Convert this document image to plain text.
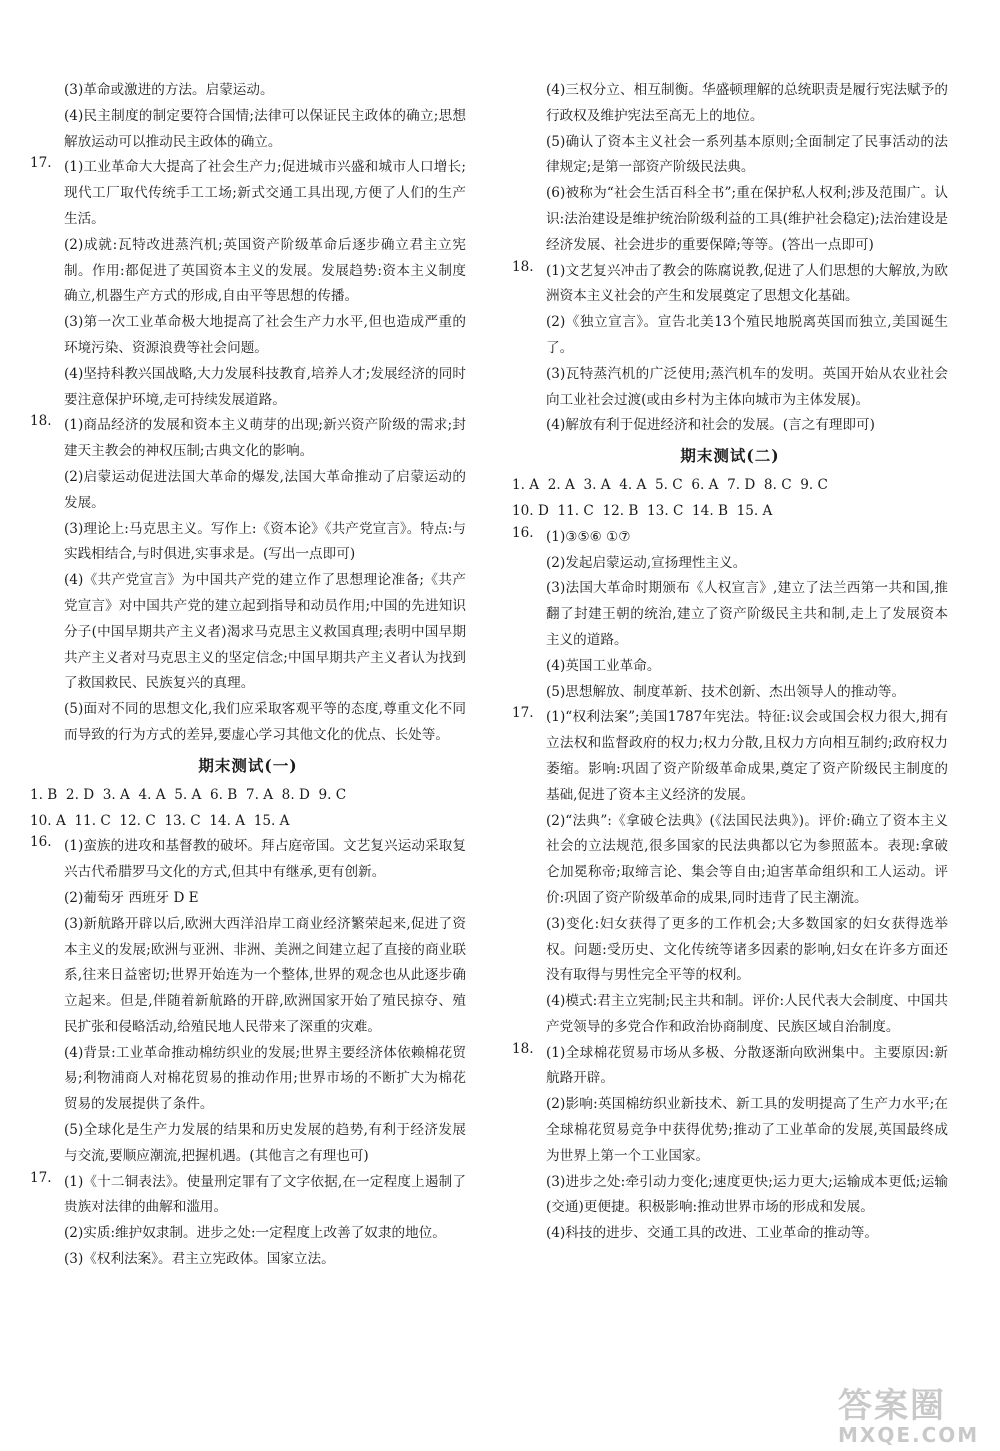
(3)革命或激进的方法。启蒙运动。

(4)民主制度的制定要符合国情;法律可以保证民主政体的确立;思想解放运动可以推动民主政体的确立。

17. (1)工业革命大大提高了社会生产力;促进城市兴盛和城市人口增长;现代工厂取代传统手工工场;新式交通工具出现,方便了人们的生产生活。

(2)成就:瓦特改进蒸汽机;英国资产阶级革命后逐步确立君主立宪制。作用:都促进了英国资本主义的发展。发展趋势:资本主义制度确立,机器生产方式的形成,自由平等思想的传播。

(3)第一次工业革命极大地提高了社会生产力水平,但也造成严重的环境污染、资源浪费等社会问题。

(4)坚持科教兴国战略,大力发展科技教育,培养人才;发展经济的同时要注意保护环境,走可持续发展道路。

18. (1)商品经济的发展和资本主义萌芽的出现;新兴资产阶级的需求;封建天主教会的神权压制;古典文化的影响。

(2)启蒙运动促进法国大革命的爆发,法国大革命推动了启蒙运动的发展。

(3)理论上:马克思主义。写作上:《资本论》《共产党宣言》。特点:与实践相结合,与时俱进,实事求是。(写出一点即可)

(4)《共产党宣言》为中国共产党的建立作了思想理论准备;《共产党宣言》对中国共产党的建立起到指导和动员作用;中国的先进知识分子(中国早期共产主义者)渴求马克思主义救国真理;表明中国早期共产主义者对马克思主义的坚定信念;中国早期共产主义者认为找到了救国救民、民族复兴的真理。

(5)面对不同的思想文化,我们应采取客观平等的态度,尊重文化不同而导致的行为方式的差异,要虚心学习其他文化的优点、长处等。

期末测试(一)

1. B  2. D  3. A  4. A  5. A  6. B  7. A  8. D  9. C

10. A  11. C  12. C  13. C  14. A  15. A

16. (1)蛮族的进攻和基督教的破坏。拜占庭帝国。文艺复兴运动采取复兴古代希腊罗马文化的方式,但其中有继承,更有创新。

(2)葡萄牙 西班牙 D E

(3)新航路开辟以后,欧洲大西洋沿岸工商业经济繁荣起来,促进了资本主义的发展;欧洲与亚洲、非洲、美洲之间建立起了直接的商业联系,往来日益密切;世界开始连为一个整体,世界的观念也从此逐步确立起来。但是,伴随着新航路的开辟,欧洲国家开始了殖民掠夺、殖民扩张和侵略活动,给殖民地人民带来了深重的灾难。

(4)背景:工业革命推动棉纺织业的发展;世界主要经济体依赖棉花贸易;利物浦商人对棉花贸易的推动作用;世界市场的不断扩大为棉花贸易的发展提供了条件。

(5)全球化是生产力发展的结果和历史发展的趋势,有利于经济发展与交流,要顺应潮流,把握机遇。(其他言之有理也可)

17. (1)《十二铜表法》。使量刑定罪有了文字依据,在一定程度上遏制了贵族对法律的曲解和滥用。

(2)实质:维护奴隶制。进步之处:一定程度上改善了奴隶的地位。

(3)《权利法案》。君主立宪政体。国家立法。

(4)三权分立、相互制衡。华盛顿理解的总统职责是履行宪法赋予的行政权及维护宪法至高无上的地位。

(5)确认了资本主义社会一系列基本原则;全面制定了民事活动的法律规定;是第一部资产阶级民法典。

(6)被称为“社会生活百科全书”;重在保护私人权利;涉及范围广。认识:法治建设是维护统治阶级利益的工具(维护社会稳定);法治建设是经济发展、社会进步的重要保障;等等。(答出一点即可)

18. (1)文艺复兴冲击了教会的陈腐说教,促进了人们思想的大解放,为欧洲资本主义社会的产生和发展奠定了思想文化基础。

(2)《独立宣言》。宣告北美13个殖民地脱离英国而独立,美国诞生了。

(3)瓦特蒸汽机的广泛使用;蒸汽机车的发明。英国开始从农业社会向工业社会过渡(或由乡村为主体向城市为主体发展)。

(4)解放有利于促进经济和社会的发展。(言之有理即可)

期末测试(二)

1. A  2. A  3. A  4. A  5. C  6. A  7. D  8. C  9. C

10. D  11. C  12. B  13. C  14. B  15. A

16. (1)③⑤⑥ ①⑦

(2)发起启蒙运动,宣扬理性主义。

(3)法国大革命时期颁布《人权宣言》,建立了法兰西第一共和国,推翻了封建王朝的统治,建立了资产阶级民主共和制,走上了发展资本主义的道路。

(4)英国工业革命。

(5)思想解放、制度革新、技术创新、杰出领导人的推动等。

17. (1)“权利法案”;美国1787年宪法。特征:议会或国会权力很大,拥有立法权和监督政府的权力;权力分散,且权力方向相互制约;政府权力萎缩。影响:巩固了资产阶级革命成果,奠定了资产阶级民主制度的基础,促进了资本主义经济的发展。

(2)“法典”:《拿破仑法典》(《法国民法典》)。评价:确立了资本主义社会的立法规范,很多国家的民法典都以它为参照蓝本。表现:拿破仑加冕称帝;取缔言论、集会等自由;迫害革命组织和工人运动。评价:巩固了资产阶级革命的成果,同时违背了民主潮流。

(3)变化:妇女获得了更多的工作机会;大多数国家的妇女获得选举权。问题:受历史、文化传统等诸多因素的影响,妇女在许多方面还没有取得与男性完全平等的权利。

(4)模式:君主立宪制;民主共和制。评价:人民代表大会制度、中国共产党领导的多党合作和政治协商制度、民族区域自治制度。

18. (1)全球棉花贸易市场从多极、分散逐渐向欧洲集中。主要原因:新航路开辟。

(2)影响:英国棉纺织业新技术、新工具的发明提高了生产力水平;在全球棉花贸易竞争中获得优势;推动了工业革命的发展,英国最终成为世界上第一个工业国家。

(3)进步之处:牵引动力变化;速度更快;运力更大;运输成本更低;运输(交通)更便捷。积极影响:推动世界市场的形成和发展。

(4)科技的进步、交通工具的改进、工业革命的推动等。

答案圈
MXQE.COM
